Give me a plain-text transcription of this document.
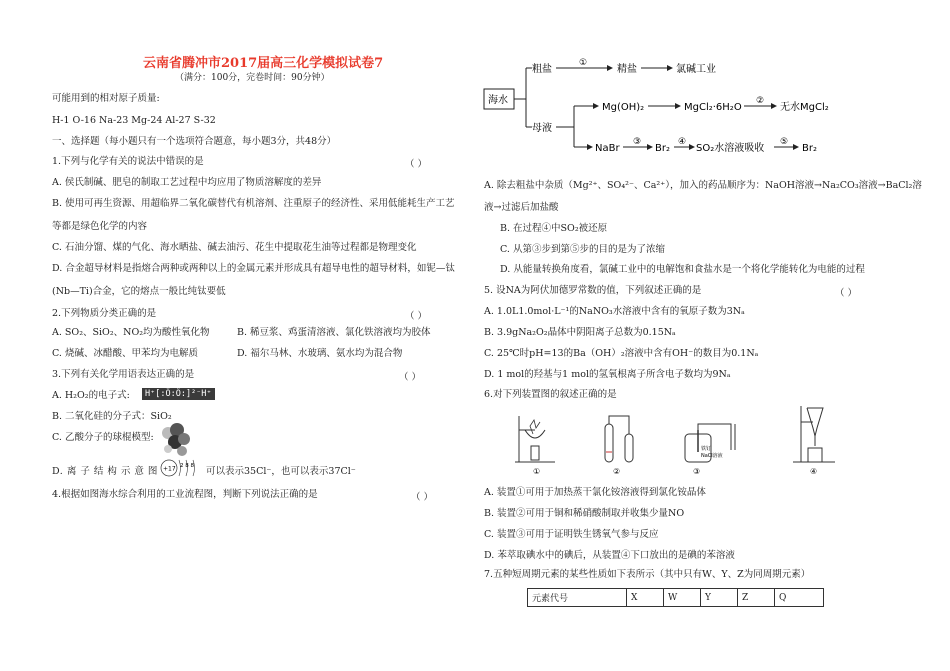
云南省腾冲市2017届高三化学模拟试卷7
（满分：100分，完卷时间：90分钟）
可能用到的相对原子质量:
H-1 O-16 Na-23 Mg-24 Al-27 S-32
一、选择题（每小题只有一个选项符合题意，每小题3分，共48分）
1.下列与化学有关的说法中错误的是	（ ）
A. 侯氏制碱、肥皂的制取工艺过程中均应用了物质溶解度的差异
B. 使用可再生资源、用超临界二氧化碳替代有机溶剂、注重原子的经济性、采用低能耗生产工艺
等都是绿色化学的内容
C. 石油分馏、煤的气化、海水晒盐、碱去油污、花生中提取花生油等过程都是物理变化
D. 合金超导材料是指熔合两种或两种以上的金属元素并形成具有超导电性的超导材料，如铌—钛
(Nb—Ti)合金，它的熔点一般比纯钛要低
2.下列物质分类正确的是	（ ）
A. SO₂、SiO₂、NO₂均为酸性氧化物	B. 稀豆浆、鸡蛋清溶液、氯化铁溶液均为胶体
C. 烧碱、冰醋酸、甲苯均为电解质	D. 福尔马林、水玻璃、氨水均为混合物
3.下列有关化学用语表达正确的是	（ ）
A. H₂O₂的电子式:	H⁺[:Ö:Ö:]²⁻H⁺
B. 二氧化硅的分子式：SiO₂
C. 乙酸分子的球棍模型:
D. 离 子 结 构 示 意 图 +17 2 8 8 可以表示35Cl⁻，也可以表示37Cl⁻
4.根据如图海水综合利用的工业流程图，判断下列说法正确的是	（ ）
海水
粗盐
①
精盐	氯碱工业
母液
Mg(OH)₂	MgCl₂·6H₂O
②
无水MgCl₂
NaBr
③
Br₂
④
SO₂水溶液吸收
⑤
Br₂
A. 除去粗盐中杂质（Mg²⁺、SO₄²⁻、Ca²⁺），加入的药品顺序为：NaOH溶液→Na₂CO₃溶液→BaCl₂溶
液→过滤后加盐酸
B. 在过程④中SO₂被还原
C. 从第③步到第⑤步的目的是为了浓缩
D. 从能量转换角度看，氯碱工业中的电解饱和食盐水是一个将化学能转化为电能的过程
5. 设NA为阿伏加德罗常数的值，下列叙述正确的是	（ ）
A. 1.0L1.0mol·L⁻¹的NaNO₃水溶液中含有的氧原子数为3Nₐ
B. 3.9gNa₂O₂晶体中阴阳离子总数为0.15Nₐ
C. 25℃时pH=13的Ba（OH）₂溶液中含有OH⁻的数目为0.1Nₐ
D. 1 mol的羟基与1 mol的氢氧根离子所含电子数均为9Nₐ
6.对下列装置图的叙述正确的是
①	②
铁钉
NaCl溶液
③	④
A. 装置①可用于加热蒸干氯化铵溶液得到氯化铵晶体
B. 装置②可用于铜和稀硝酸制取并收集少量NO
C. 装置③可用于证明铁生锈氧气参与反应
D. 苯萃取碘水中的碘后，从装置④下口放出的是碘的苯溶液
7.五种短周期元素的某些性质如下表所示（其中只有W、Y、Z为同周期元素）
元素代号	X	W	Y	Z	Q
